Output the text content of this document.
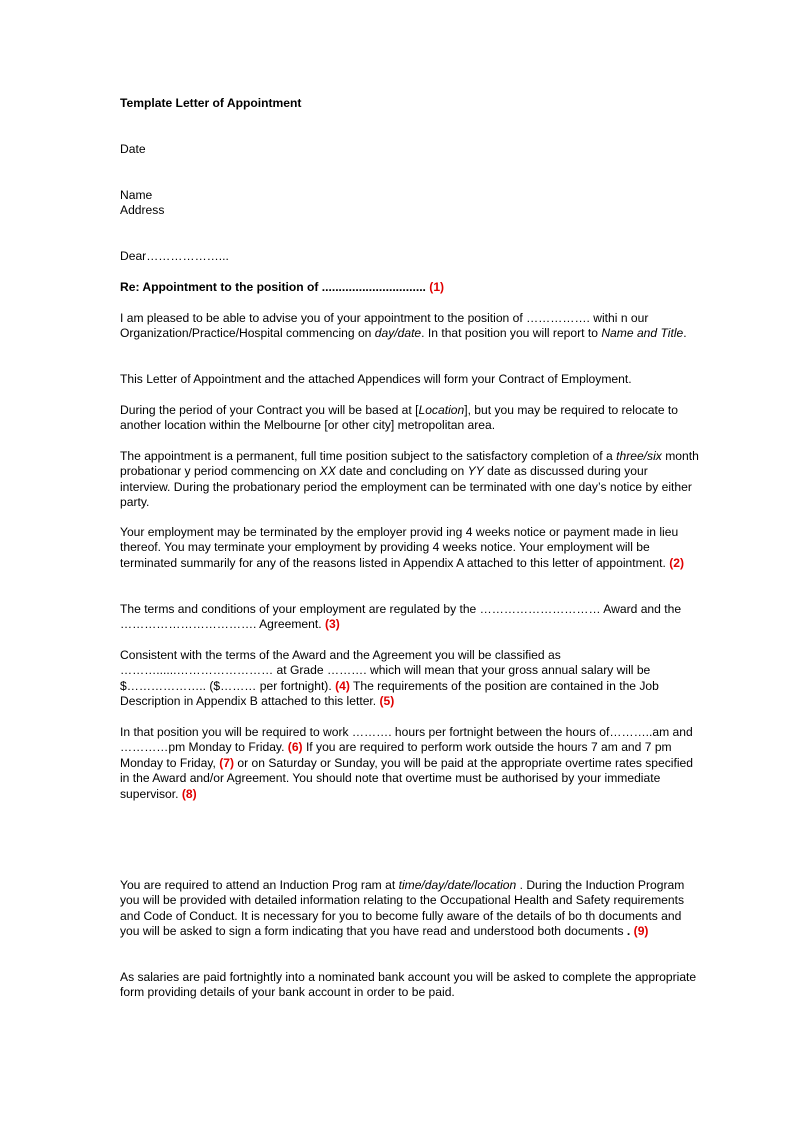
Template Letter of Appointment

Date

Name

Address

Dear………………...

Re: Appointment to the position of ............................... (1)

I am pleased to be able to advise you of your appointment to the position of ……………. withi n our Organization/Practice/Hospital commencing on day/date. In that position you will report to Name and Title.

This Letter of Appointment and the attached Appendices will form your Contract of Employment.

During the period of your Contract you will be based at [Location], but you may be required to relocate to another location within the Melbourne [or other city] metropolitan area.

The appointment is a permanent, full time position subject to the satisfactory completion of a three/six month probationar y period commencing on XX date and concluding on YY date as discussed during your interview. During the probationary period the employment can be terminated with one day’s notice by either party.

Your employment may be terminated by the employer provid ing 4 weeks notice or payment made in lieu thereof. You may terminate your employment by providing 4 weeks notice. Your employment will be terminated summarily for any of the reasons listed in Appendix A attached to this letter of appointment. (2)

The terms and conditions of your employment are regulated by the ………………………… Award and the ……………………………. Agreement. (3)

Consistent with the terms of the Award and the Agreement you will be classified as ………......…………………… at Grade ………. which will mean that your gross annual salary will be $……………….. ($……… per fortnight). (4) The requirements of the position are contained in the Job Description in Appendix B attached to this letter. (5)

In that position you will be required to work ………. hours per fortnight between the hours of………..am and …………pm Monday to Friday. (6) If you are required to perform work outside the hours 7 am and 7 pm Monday to Friday, (7) or on Saturday or Sunday, you will be paid at the appropriate overtime rates specified in the Award and/or Agreement. You should note that overtime must be authorised by your immediate supervisor. (8)

You are required to attend an Induction Prog ram at time/day/date/location . During the Induction Program you will be provided with detailed information relating to the Occupational Health and Safety requirements and Code of Conduct. It is necessary for you to become fully aware of the details of bo th documents and you will be asked to sign a form indicating that you have read and understood both documents . (9)

As salaries are paid fortnightly into a nominated bank account you will be asked to complete the appropriate form providing details of your bank account in order to be paid.
